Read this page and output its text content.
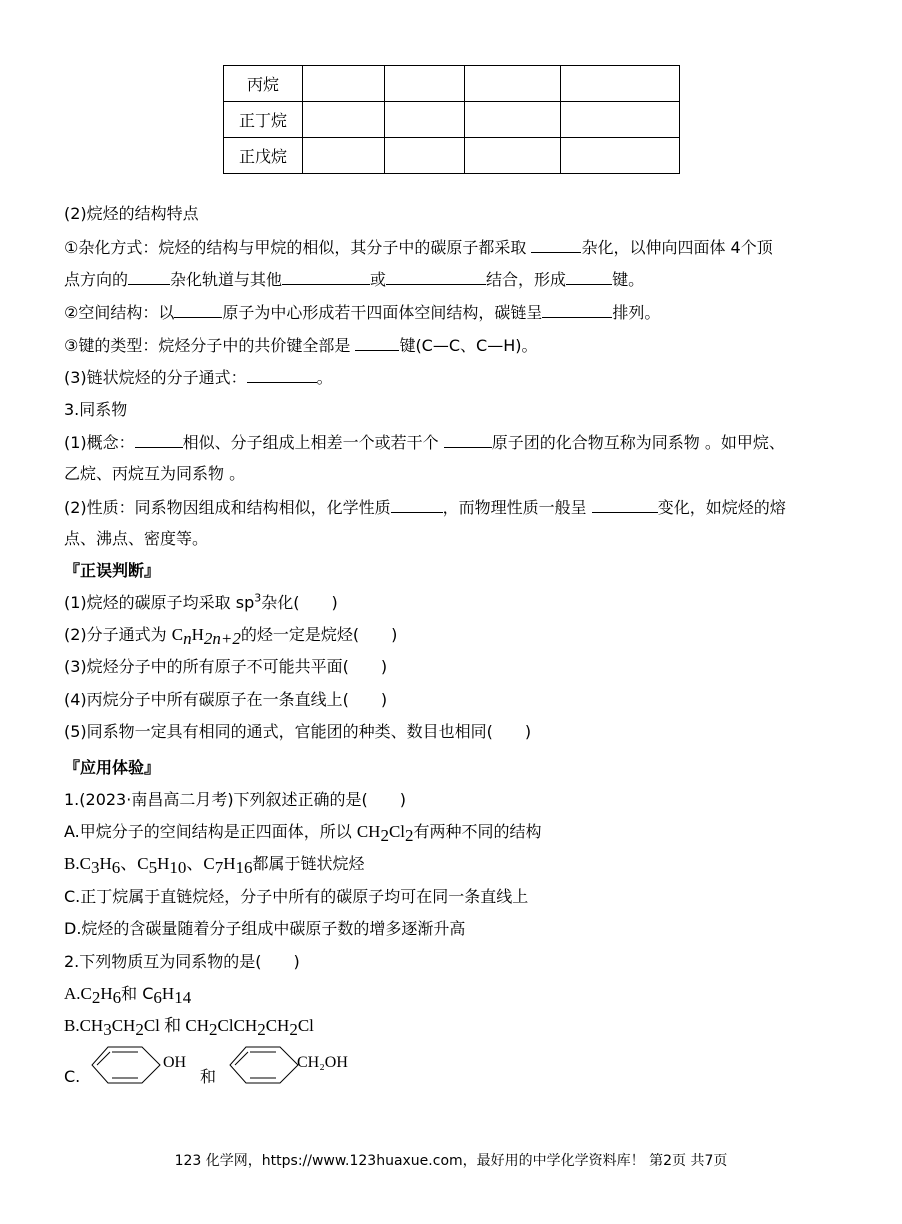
丙烷				
正丁烷				
正戊烷				
(2)烷烃的结构特点
①杂化方式：烷烃的结构与甲烷的相似，其分子中的碳原子都采取	杂化，以伸向四面体 4个顶
点方向的	杂化轨道与其他	或	结合，形成	键。
②空间结构：以	原子为中心形成若干四面体空间结构，碳链呈	排列。
③键的类型：烷烃分子中的共价键全部是	键(C—C、C—H)。
(3)链状烷烃的分子通式：	。
3.同系物
(1)概念：	相似、分子组成上相差一个或若干个	原子团的化合物互称为同系物 。如甲烷、
乙烷、丙烷互为同系物 。
(2)性质：同系物因组成和结构相似，化学性质	，而物理性质一般呈	变化，如烷烃的熔
点、沸点、密度等。
『正误判断』
(1)烷烃的碳原子均采取 $sp^3$杂化(　　)
(2)分子通式为 $C_nH_{2n+2}$的烃一定是烷烃(　　)
(3)烷烃分子中的所有原子不可能共平面(　　)
(4)丙烷分子中所有碳原子在一条直线上(　　)
(5)同系物一定具有相同的通式，官能团的种类、数目也相同(　　)
『应用体验』
1.(2023·南昌高二月考)下列叙述正确的是(　　)
A.甲烷分子的空间结构是正四面体，所以 $CH_2Cl_2$有两种不同的结构
$B.C_3H_6$、$C_5H_{10}$、$C_7H_{16}$都属于链状烷烃
C.正丁烷属于直链烷烃，分子中所有的碳原子均可在同一条直线上
D.烷烃的含碳量随着分子组成中碳原子数的增多逐渐升高
2.下列物质互为同系物的是(　　)
$A.C_2H_6$和 $C_6H_{14}$
$B.CH_3CH_2Cl$ 和 $CH_2ClCH_2CH_2Cl$
C.
OH
和
CH₂OH
123 化学网，https://www.123huaxue.com，最好用的中学化学资料库！ 第2页 共7页
